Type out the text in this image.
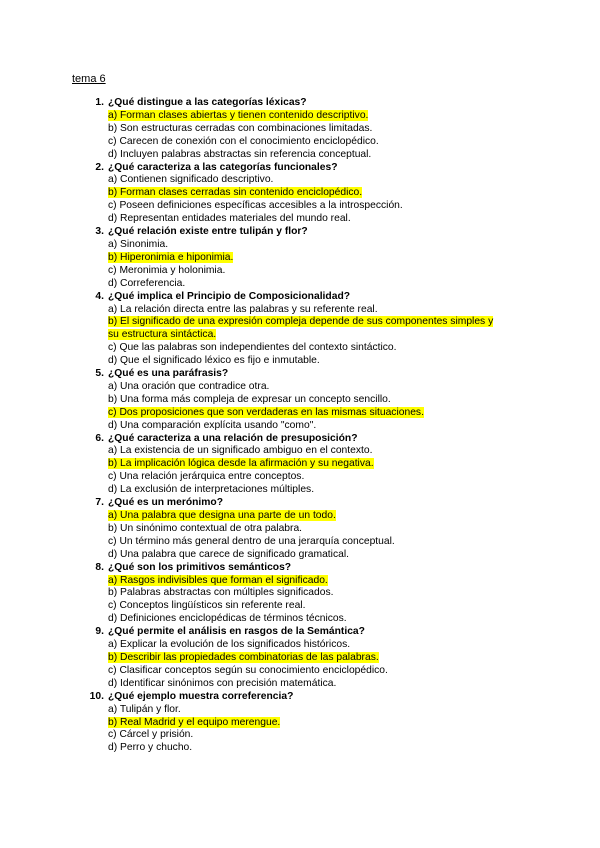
tema 6
1. ¿Qué distingue a las categorías léxicas?
a) Forman clases abiertas y tienen contenido descriptivo.
b) Son estructuras cerradas con combinaciones limitadas.
c) Carecen de conexión con el conocimiento enciclopédico.
d) Incluyen palabras abstractas sin referencia conceptual.
2. ¿Qué caracteriza a las categorías funcionales?
a) Contienen significado descriptivo.
b) Forman clases cerradas sin contenido enciclopédico.
c) Poseen definiciones específicas accesibles a la introspección.
d) Representan entidades materiales del mundo real.
3. ¿Qué relación existe entre tulipán y flor?
a) Sinonimia.
b) Hiperonimia e hiponimia.
c) Meronimia y holonimia.
d) Correferencia.
4. ¿Qué implica el Principio de Composicionalidad?
a) La relación directa entre las palabras y su referente real.
b) El significado de una expresión compleja depende de sus componentes simples y
su estructura sintáctica.
c) Que las palabras son independientes del contexto sintáctico.
d) Que el significado léxico es fijo e inmutable.
5. ¿Qué es una paráfrasis?
a) Una oración que contradice otra.
b) Una forma más compleja de expresar un concepto sencillo.
c) Dos proposiciones que son verdaderas en las mismas situaciones.
d) Una comparación explícita usando "como".
6. ¿Qué caracteriza a una relación de presuposición?
a) La existencia de un significado ambiguo en el contexto.
b) La implicación lógica desde la afirmación y su negativa.
c) Una relación jerárquica entre conceptos.
d) La exclusión de interpretaciones múltiples.
7. ¿Qué es un merónimo?
a) Una palabra que designa una parte de un todo.
b) Un sinónimo contextual de otra palabra.
c) Un término más general dentro de una jerarquía conceptual.
d) Una palabra que carece de significado gramatical.
8. ¿Qué son los primitivos semánticos?
a) Rasgos indivisibles que forman el significado.
b) Palabras abstractas con múltiples significados.
c) Conceptos lingüísticos sin referente real.
d) Definiciones enciclopédicas de términos técnicos.
9. ¿Qué permite el análisis en rasgos de la Semántica?
a) Explicar la evolución de los significados históricos.
b) Describir las propiedades combinatorias de las palabras.
c) Clasificar conceptos según su conocimiento enciclopédico.
d) Identificar sinónimos con precisión matemática.
10. ¿Qué ejemplo muestra correferencia?
a) Tulipán y flor.
b) Real Madrid y el equipo merengue.
c) Cárcel y prisión.
d) Perro y chucho.
